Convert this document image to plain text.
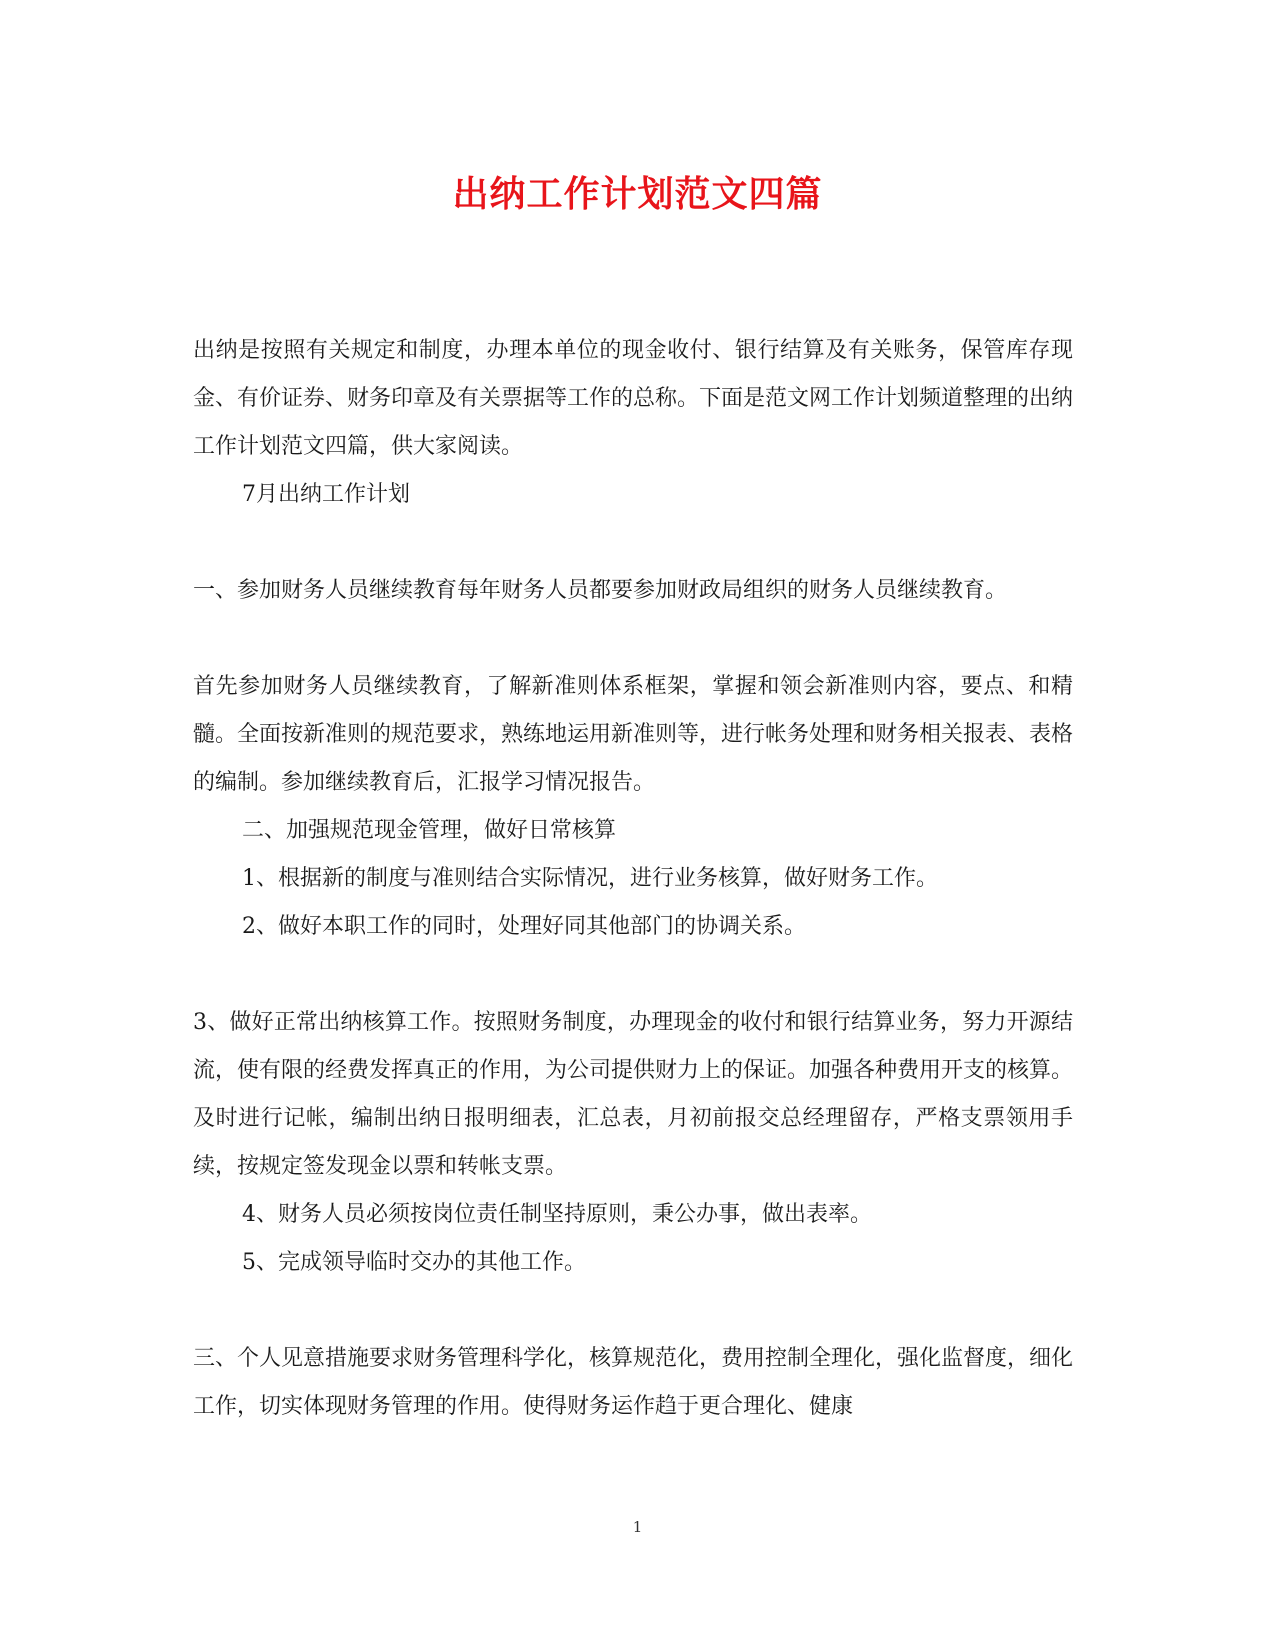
出纳工作计划范文四篇

出纳是按照有关规定和制度，办理本单位的现金收付、银行结算及有关账务，保管库存现金、有价证券、财务印章及有关票据等工作的总称。下面是范文网工作计划频道整理的出纳工作计划范文四篇，供大家阅读。

7月出纳工作计划

一、参加财务人员继续教育每年财务人员都要参加财政局组织的财务人员继续教育。

首先参加财务人员继续教育，了解新准则体系框架，掌握和领会新准则内容，要点、和精髓。全面按新准则的规范要求，熟练地运用新准则等，进行帐务处理和财务相关报表、表格的编制。参加继续教育后，汇报学习情况报告。

二、加强规范现金管理，做好日常核算

1、根据新的制度与准则结合实际情况，进行业务核算，做好财务工作。

2、做好本职工作的同时，处理好同其他部门的协调关系。

3、做好正常出纳核算工作。按照财务制度，办理现金的收付和银行结算业务，努力开源结流，使有限的经费发挥真正的作用，为公司提供财力上的保证。加强各种费用开支的核算。及时进行记帐，编制出纳日报明细表，汇总表，月初前报交总经理留存，严格支票领用手续，按规定签发现金以票和转帐支票。

4、财务人员必须按岗位责任制坚持原则，秉公办事，做出表率。

5、完成领导临时交办的其他工作。

三、个人见意措施要求财务管理科学化，核算规范化，费用控制全理化，强化监督度，细化工作，切实体现财务管理的作用。使得财务运作趋于更合理化、健康

1
